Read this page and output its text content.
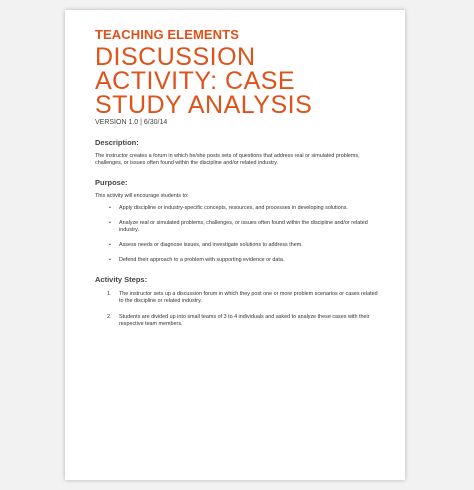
TEACHING ELEMENTS
DISCUSSION
ACTIVITY: CASE
STUDY ANALYSIS
VERSION 1.0 | 6/30/14
Description:
The instructor creates a forum in which he/she posts sets of questions that address real or simulated problems, challenges, or issues often found within the discipline and/or related industry.
Purpose:
This activity will encourage students to:
• Apply discipline or industry-specific concepts, resources, and processes in developing solutions.
• Analyze real or simulated problems, challenges, or issues often found within the discipline and/or related industry.
• Assess needs or diagnose issues, and investigate solutions to address them.
• Defend their approach to a problem with supporting evidence or data.
Activity Steps:
1. The instructor sets up a discussion forum in which they post one or more problem scenarios or cases related to the discipline or related industry.
2. Students are divided up into small teams of 3 to 4 individuals and asked to analyze these cases with their respective team members.
